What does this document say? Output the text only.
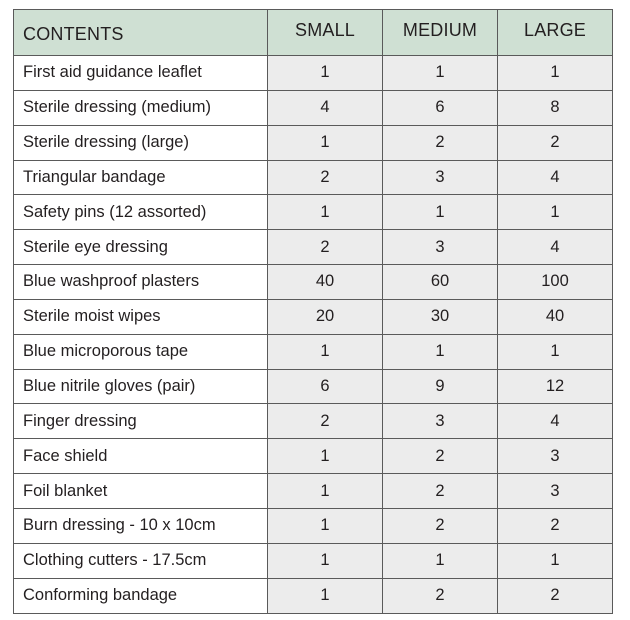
CONTENTS	SMALL	MEDIUM	LARGE
First aid guidance leaflet	1	1	1
Sterile dressing (medium)	4	6	8
Sterile dressing (large)	1	2	2
Triangular bandage	2	3	4
Safety pins (12 assorted)	1	1	1
Sterile eye dressing	2	3	4
Blue washproof plasters	40	60	100
Sterile moist wipes	20	30	40
Blue microporous tape	1	1	1
Blue nitrile gloves (pair)	6	9	12
Finger dressing	2	3	4
Face shield	1	2	3
Foil blanket	1	2	3
Burn dressing - 10 x 10cm	1	2	2
Clothing cutters - 17.5cm	1	1	1
Conforming bandage	1	2	2
